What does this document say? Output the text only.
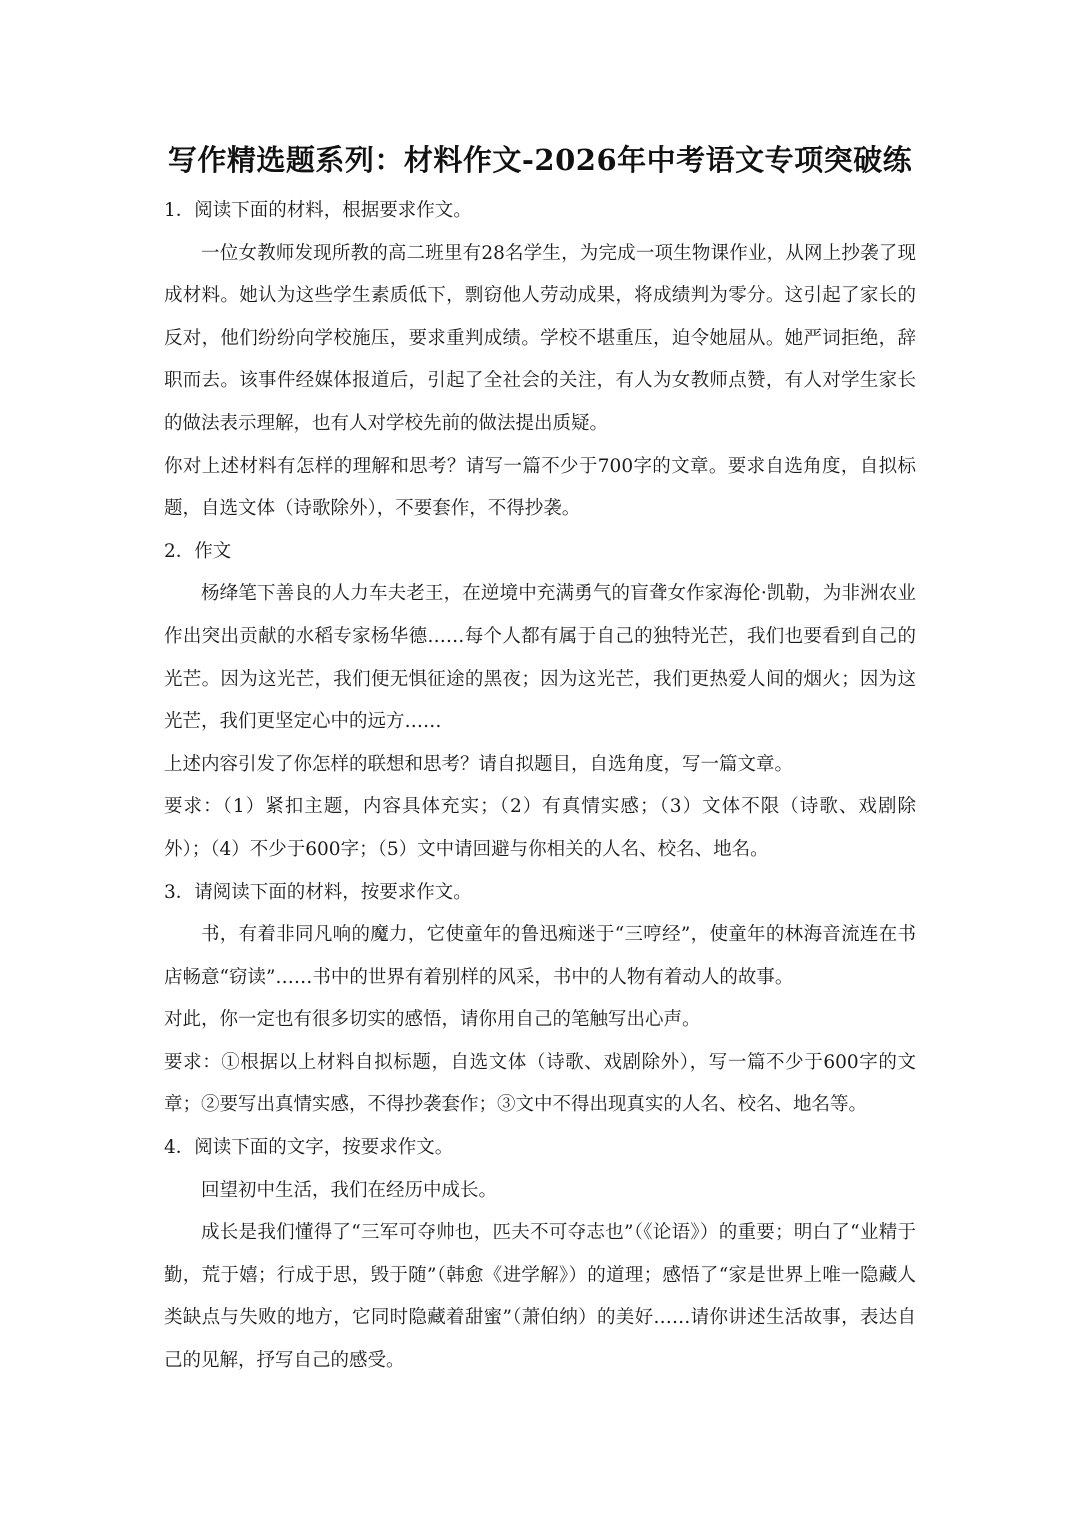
写作精选题系列：材料作文-2026年中考语文专项突破练

1．阅读下面的材料，根据要求作文。

一位女教师发现所教的高二班里有28名学生，为完成一项生物课作业，从网上抄袭了现成材料。她认为这些学生素质低下，剽窃他人劳动成果，将成绩判为零分。这引起了家长的反对，他们纷纷向学校施压，要求重判成绩。学校不堪重压，迫令她屈从。她严词拒绝，辞职而去。该事件经媒体报道后，引起了全社会的关注，有人为女教师点赞，有人对学生家长的做法表示理解，也有人对学校先前的做法提出质疑。

你对上述材料有怎样的理解和思考？请写一篇不少于700字的文章。要求自选角度，自拟标题，自选文体（诗歌除外），不要套作，不得抄袭。

2．作文

杨绛笔下善良的人力车夫老王，在逆境中充满勇气的盲聋女作家海伦·凯勒，为非洲农业作出突出贡献的水稻专家杨华德……每个人都有属于自己的独特光芒，我们也要看到自己的光芒。因为这光芒，我们便无惧征途的黑夜；因为这光芒，我们更热爱人间的烟火；因为这光芒，我们更坚定心中的远方……

上述内容引发了你怎样的联想和思考？请自拟题目，自选角度，写一篇文章。

要求：（1）紧扣主题，内容具体充实；（2）有真情实感；（3）文体不限（诗歌、戏剧除外）；（4）不少于600字；（5）文中请回避与你相关的人名、校名、地名。

3．请阅读下面的材料，按要求作文。

书，有着非同凡响的魔力，它使童年的鲁迅痴迷于“三哼经”，使童年的林海音流连在书店畅意“窃读”……书中的世界有着别样的风采，书中的人物有着动人的故事。

对此，你一定也有很多切实的感悟，请你用自己的笔触写出心声。

要求：①根据以上材料自拟标题，自选文体（诗歌、戏剧除外），写一篇不少于600字的文章；②要写出真情实感，不得抄袭套作；③文中不得出现真实的人名、校名、地名等。

4．阅读下面的文字，按要求作文。

回望初中生活，我们在经历中成长。

成长是我们懂得了“三军可夺帅也，匹夫不可夺志也”（《论语》）的重要；明白了“业精于勤，荒于嬉；行成于思，毁于随”（韩愈《进学解》）的道理；感悟了“家是世界上唯一隐藏人类缺点与失败的地方，它同时隐藏着甜蜜”（萧伯纳）的美好……请你讲述生活故事，表达自己的见解，抒写自己的感受。
